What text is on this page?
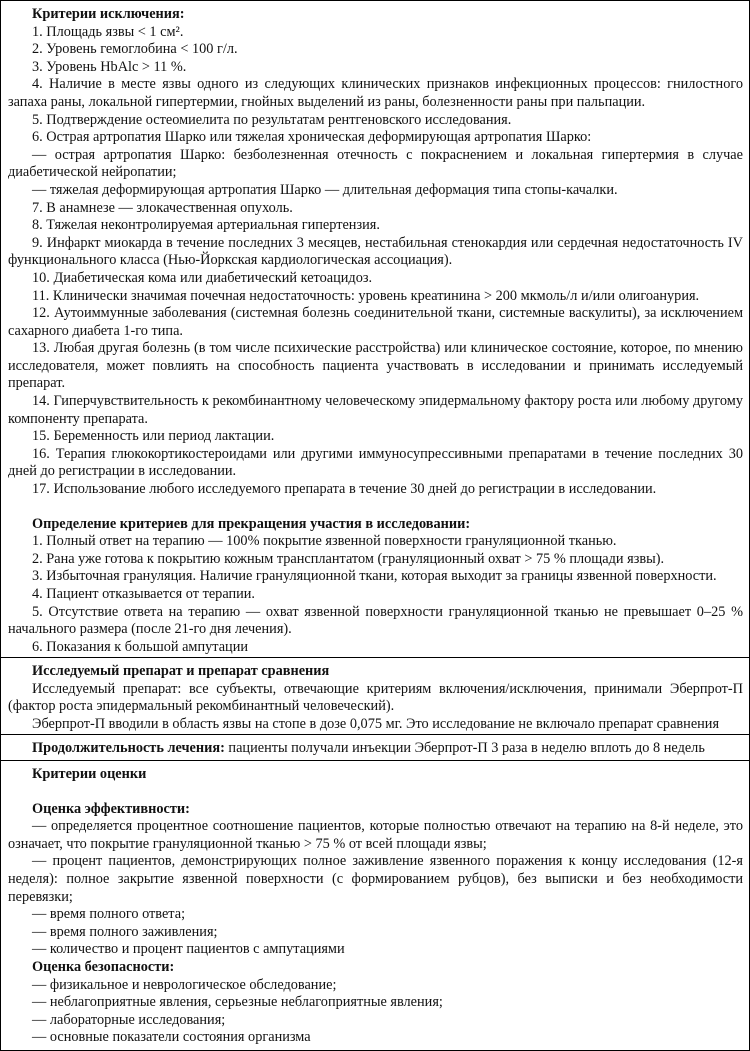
Критерии исключения:
1. Площадь язвы < 1 см².
2. Уровень гемоглобина < 100 г/л.
3. Уровень HbAlc > 11 %.
4. Наличие в месте язвы одного из следующих клинических признаков инфекционных процессов: гнилостного запаха раны, локальной гипертермии, гнойных выделений из раны, болезненности раны при пальпации.
5. Подтверждение остеомиелита по результатам рентгеновского исследования.
6. Острая артропатия Шарко или тяжелая хроническая деформирующая артропатия Шарко:
— острая артропатия Шарко: безболезненная отечность с покраснением и локальная гипертермия в случае диабетической нейропатии;
— тяжелая деформирующая артропатия Шарко — длительная деформация типа стопы-качалки.
7. В анамнезе — злокачественная опухоль.
8. Тяжелая неконтролируемая артериальная гипертензия.
9. Инфаркт миокарда в течение последних 3 месяцев, нестабильная стенокардия или сердечная недостаточность IV функционального класса (Нью-Йоркская кардиологическая ассоциация).
10. Диабетическая кома или диабетический кетоацидоз.
11. Клинически значимая почечная недостаточность: уровень креатинина > 200 мкмоль/л и/или олигоанурия.
12. Аутоиммунные заболевания (системная болезнь соединительной ткани, системные васкулиты), за исключением сахарного диабета 1-го типа.
13. Любая другая болезнь (в том числе психические расстройства) или клиническое состояние, которое, по мнению исследователя, может повлиять на способность пациента участвовать в исследовании и принимать исследуемый препарат.
14. Гиперчувствительность к рекомбинантному человеческому эпидермальному фактору роста или любому другому компоненту препарата.
15. Беременность или период лактации.
16. Терапия глюкокортикостероидами или другими иммуносупрессивными препаратами в течение последних 30 дней до регистрации в исследовании.
17. Использование любого исследуемого препарата в течение 30 дней до регистрации в исследовании.
Определение критериев для прекращения участия в исследовании:
1. Полный ответ на терапию — 100% покрытие язвенной поверхности грануляционной тканью.
2. Рана уже готова к покрытию кожным трансплантатом (грануляционный охват > 75 % площади язвы).
3. Избыточная грануляция. Наличие грануляционной ткани, которая выходит за границы язвенной поверхности.
4. Пациент отказывается от терапии.
5. Отсутствие ответа на терапию — охват язвенной поверхности грануляционной тканью не превышает 0–25 % начального размера (после 21-го дня лечения).
6. Показания к большой ампутации
Исследуемый препарат и препарат сравнения
Исследуемый препарат: все субъекты, отвечающие критериям включения/исключения, принимали Эберпрот-П (фактор роста эпидермальный рекомбинантный человеческий).
Эберпрот-П вводили в область язвы на стопе в дозе 0,075 мг. Это исследование не включало препарат сравнения
Продолжительность лечения: пациенты получали инъекции Эберпрот-П 3 раза в неделю вплоть до 8 недель
Критерии оценки
Оценка эффективности:
— определяется процентное соотношение пациентов, которые полностью отвечают на терапию на 8-й неделе, это означает, что покрытие грануляционной тканью > 75 % от всей площади язвы;
— процент пациентов, демонстрирующих полное заживление язвенного поражения к концу исследования (12-я неделя): полное закрытие язвенной поверхности (с формированием рубцов), без выписки и без необходимости перевязки;
— время полного ответа;
— время полного заживления;
— количество и процент пациентов с ампутациями
Оценка безопасности:
— физикальное и неврологическое обследование;
— неблагоприятные явления, серьезные неблагоприятные явления;
— лабораторные исследования;
— основные показатели состояния организма
